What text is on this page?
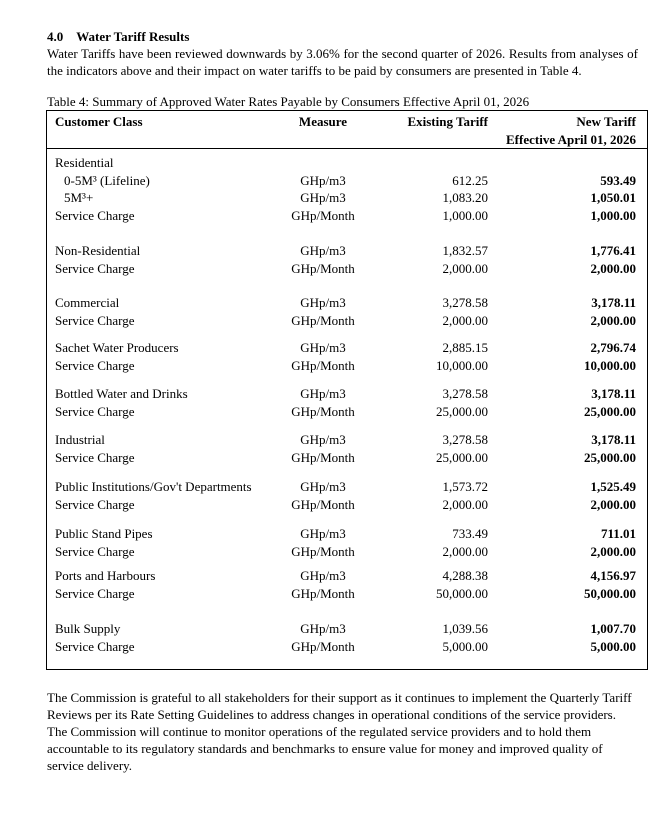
4.0 Water Tariff Results

Water Tariffs have been reviewed downwards by 3.06% for the second quarter of 2026. Results from analyses of the indicators above and their impact on water tariffs to be paid by consumers are presented in Table 4.

Table 4: Summary of Approved Water Rates Payable by Consumers Effective April 01, 2026

Customer Class	Measure	Existing Tariff	New Tariff
Effective April 01, 2026
Residential
0-5M³ (Lifeline)	GHp/m3	612.25	593.49
5M³+	GHp/m3	1,083.20	1,050.01
Service Charge	GHp/Month	1,000.00	1,000.00
Non-Residential	GHp/m3	1,832.57	1,776.41
Service Charge	GHp/Month	2,000.00	2,000.00
Commercial	GHp/m3	3,278.58	3,178.11
Service Charge	GHp/Month	2,000.00	2,000.00
Sachet Water Producers	GHp/m3	2,885.15	2,796.74
Service Charge	GHp/Month	10,000.00	10,000.00
Bottled Water and Drinks	GHp/m3	3,278.58	3,178.11
Service Charge	GHp/Month	25,000.00	25,000.00
Industrial	GHp/m3	3,278.58	3,178.11
Service Charge	GHp/Month	25,000.00	25,000.00
Public Institutions/Gov't Departments	GHp/m3	1,573.72	1,525.49
Service Charge	GHp/Month	2,000.00	2,000.00
Public Stand Pipes	GHp/m3	733.49	711.01
Service Charge	GHp/Month	2,000.00	2,000.00
Ports and Harbours	GHp/m3	4,288.38	4,156.97
Service Charge	GHp/Month	50,000.00	50,000.00
Bulk Supply	GHp/m3	1,039.56	1,007.70
Service Charge	GHp/Month	5,000.00	5,000.00

The Commission is grateful to all stakeholders for their support as it continues to implement the Quarterly Tariff Reviews per its Rate Setting Guidelines to address changes in operational conditions of the service providers. The Commission will continue to monitor operations of the regulated service providers and to hold them accountable to its regulatory standards and benchmarks to ensure value for money and improved quality of service delivery.
